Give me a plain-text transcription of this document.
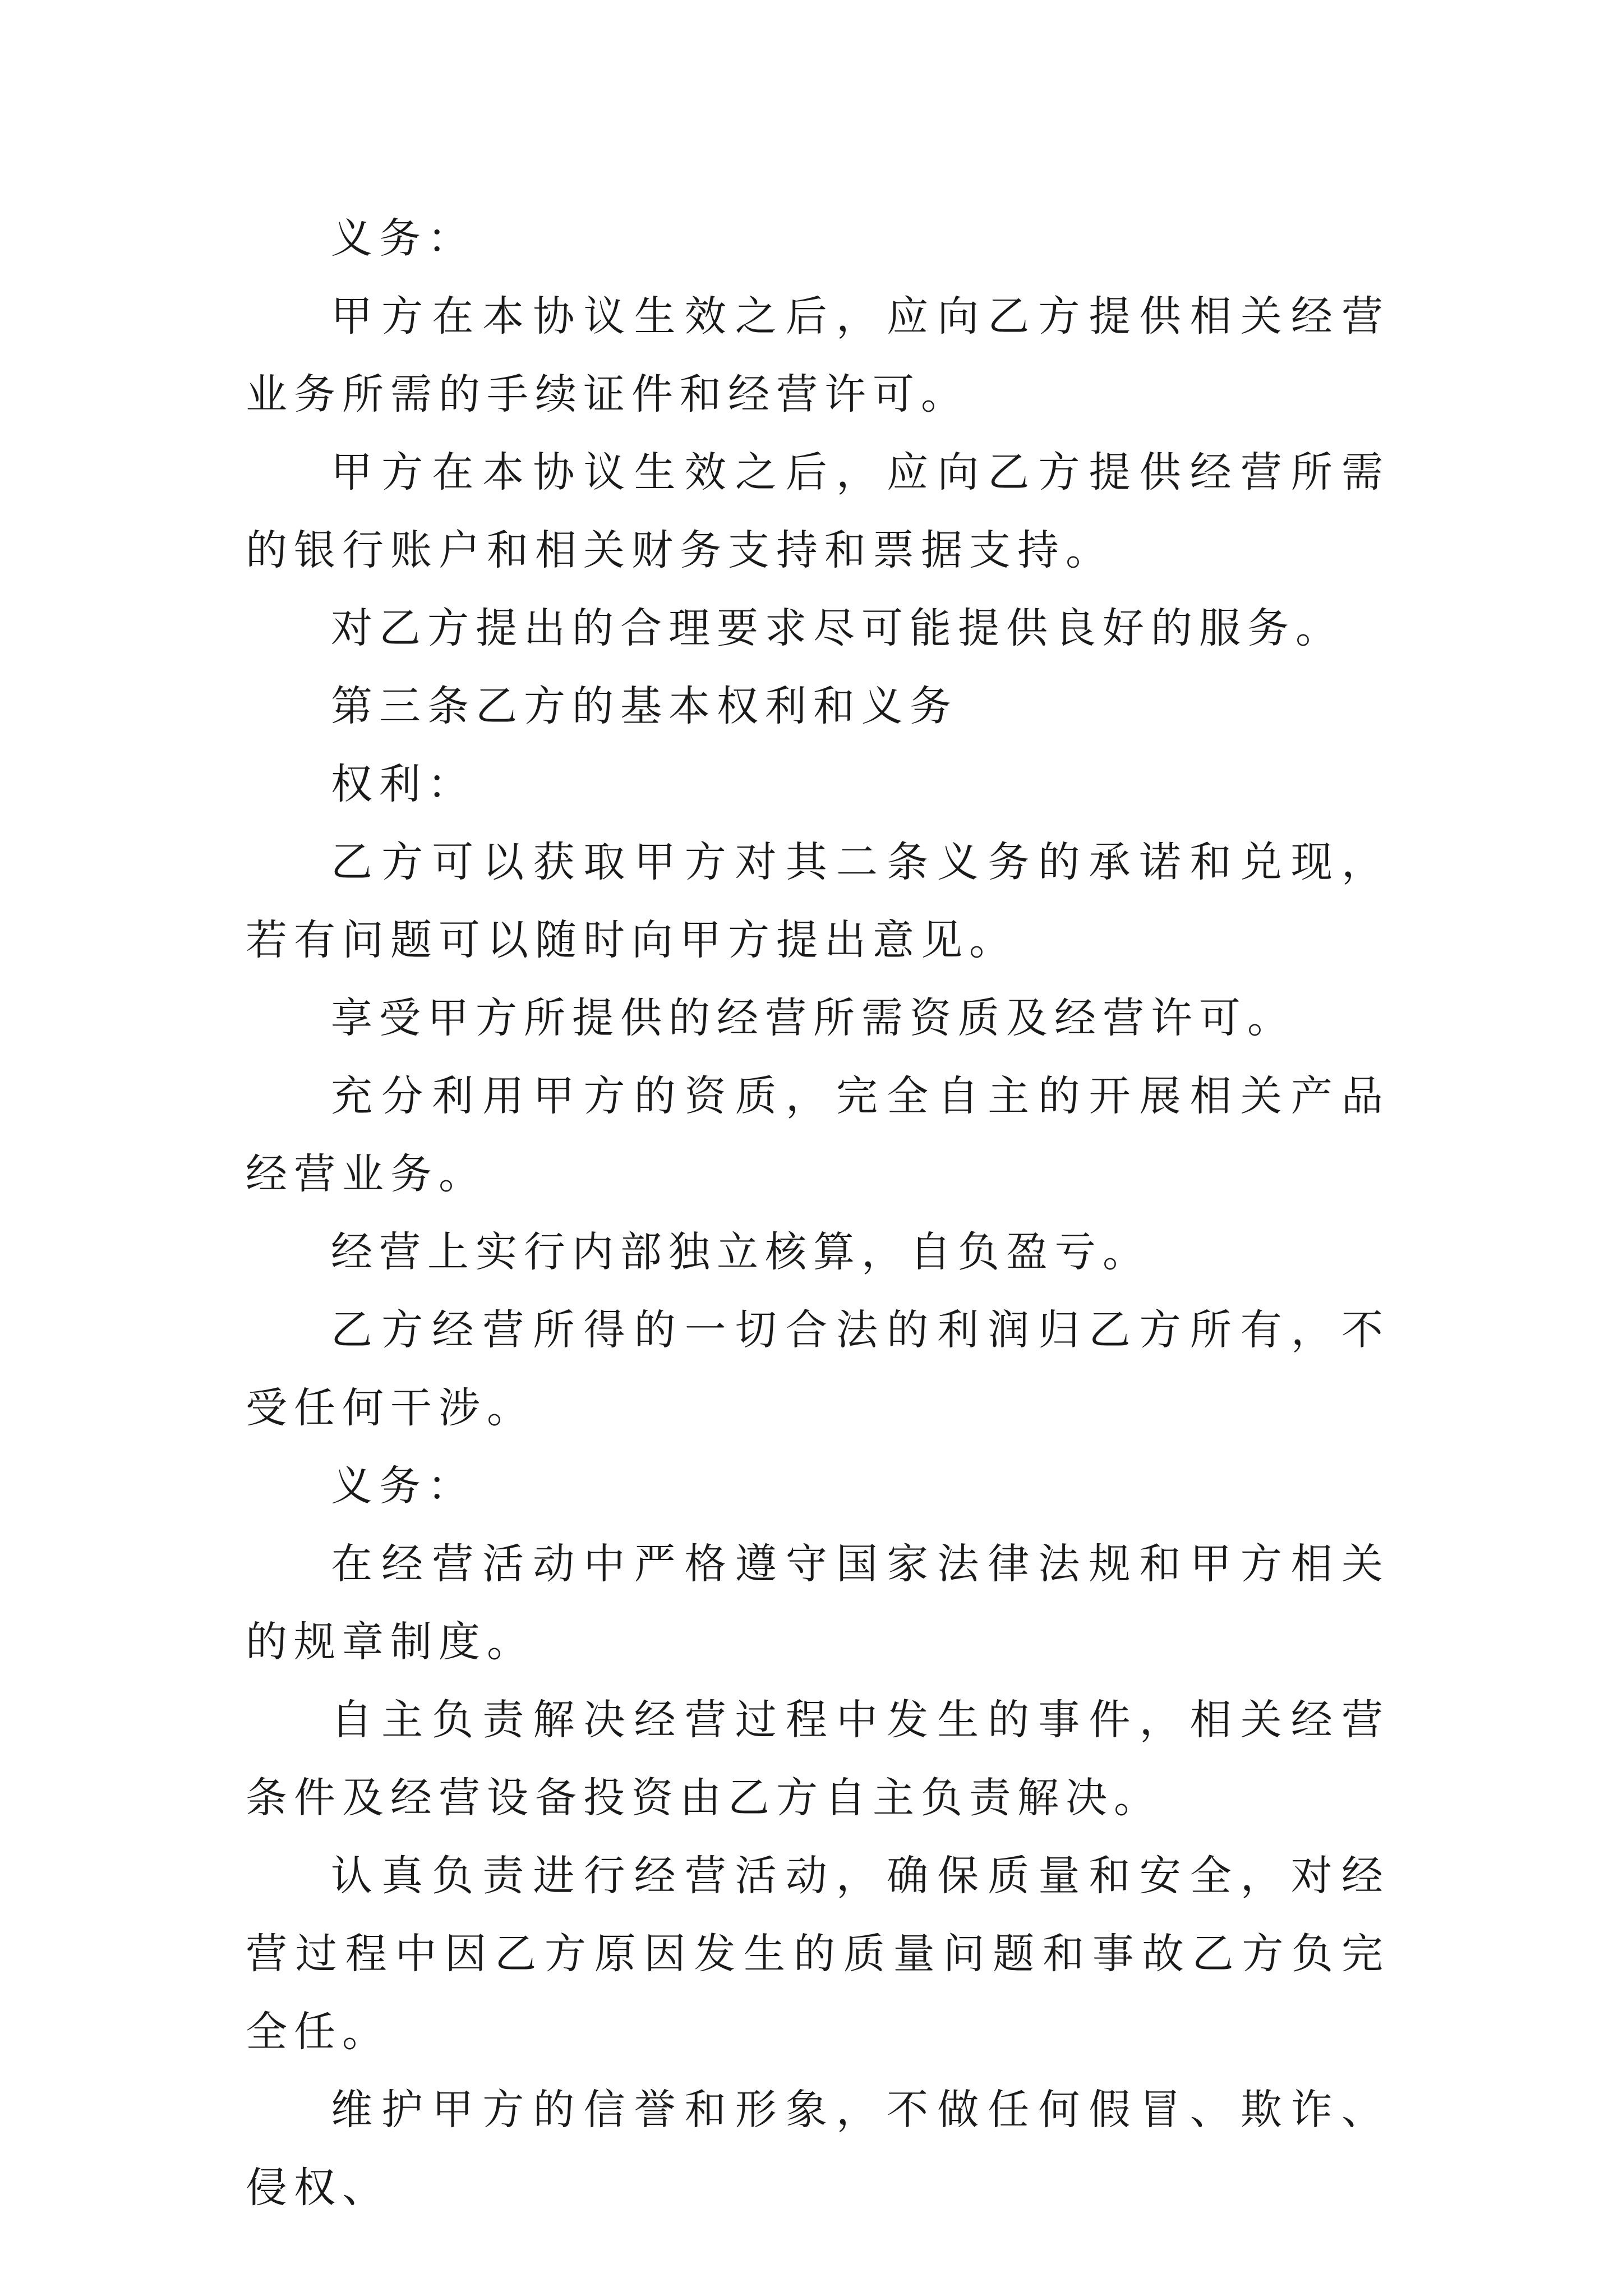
义务：

甲方在本协议生效之后，应向乙方提供相关经营业务所需的手续证件和经营许可。

甲方在本协议生效之后，应向乙方提供经营所需的银行账户和相关财务支持和票据支持。

对乙方提出的合理要求尽可能提供良好的服务。

第三条乙方的基本权利和义务

权利：

乙方可以获取甲方对其二条义务的承诺和兑现，若有问题可以随时向甲方提出意见。

享受甲方所提供的经营所需资质及经营许可。

充分利用甲方的资质，完全自主的开展相关产品经营业务。

经营上实行内部独立核算，自负盈亏。

乙方经营所得的一切合法的利润归乙方所有，不受任何干涉。

义务：

在经营活动中严格遵守国家法律法规和甲方相关的规章制度。

自主负责解决经营过程中发生的事件，相关经营条件及经营设备投资由乙方自主负责解决。

认真负责进行经营活动，确保质量和安全，对经营过程中因乙方原因发生的质量问题和事故乙方负完全任。

维护甲方的信誉和形象，不做任何假冒、欺诈、侵权、
